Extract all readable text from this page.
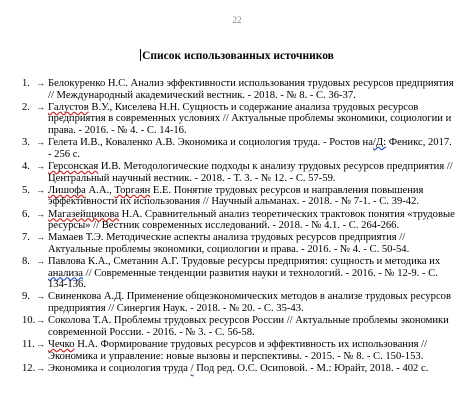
22
Список использованных источников
1. → Белокуренко Н.С. Анализ эффективности использования трудовых ресурсов предприятия // Международный академический вестник. - 2018. - № 8. - С. 36-37.
2. → Галустов В.У., Киселева Н.Н. Сущность и содержание анализа трудовых ресурсов предприятия в современных условиях // Актуальные проблемы экономики, социологии и права. - 2016. - № 4. - С. 14-16.
3. → Гелета И.В., Коваленко А.В. Экономика и социология труда. - Ростов на/Д: Феникс, 2017. - 256 с.
4. → Герсонская И.В. Методологические подходы к анализу трудовых ресурсов предприятия // Центральный научный вестник. - 2018. - Т. 3. - № 12. - С. 57-59.
5. → Лишофа А.А., Торгаян Е.Е. Понятие трудовых ресурсов и направления повышения эффективности их использования // Научный альманах. - 2018. - № 7-1. - С. 39-42.
6. → Магазейщикова Н.А. Сравнительный анализ теоретических трактовок понятия «трудовые ресурсы» // Вестник современных исследований. - 2018. - № 4.1. - С. 264-266.
7. → Мамаев Т.Э. Методические аспекты анализа трудовых ресурсов предприятия // Актуальные проблемы экономики, социологии и права. - 2016. - № 4. - С. 50-54.
8. → Павлова К.А., Сметанин А.Г. Трудовые ресурсы предприятия: сущность и методика их анализа // Современные тенденции развития науки и технологий. - 2016. - № 12-9. - С. 134-136.
9. → Свиненкова А.Д. Применение общеэкономических методов в анализе трудовых ресурсов предприятия // Синергия Наук. - 2018. - № 20. - С. 35-43.
10. → Соколова Т.А. Проблемы трудовых ресурсов России // Актуальные проблемы экономики современной России. - 2016. - № 3. - С. 56-58.
11. → Чечко Н.А. Формирование трудовых ресурсов и эффективность их использования // Экономика и управление: новые вызовы и перспективы. - 2015. - № 8. - С. 150-153.
12. → Экономика и социология труда / Под ред. О.С. Осиповой. - М.: Юрайт, 2018. - 402 с.
